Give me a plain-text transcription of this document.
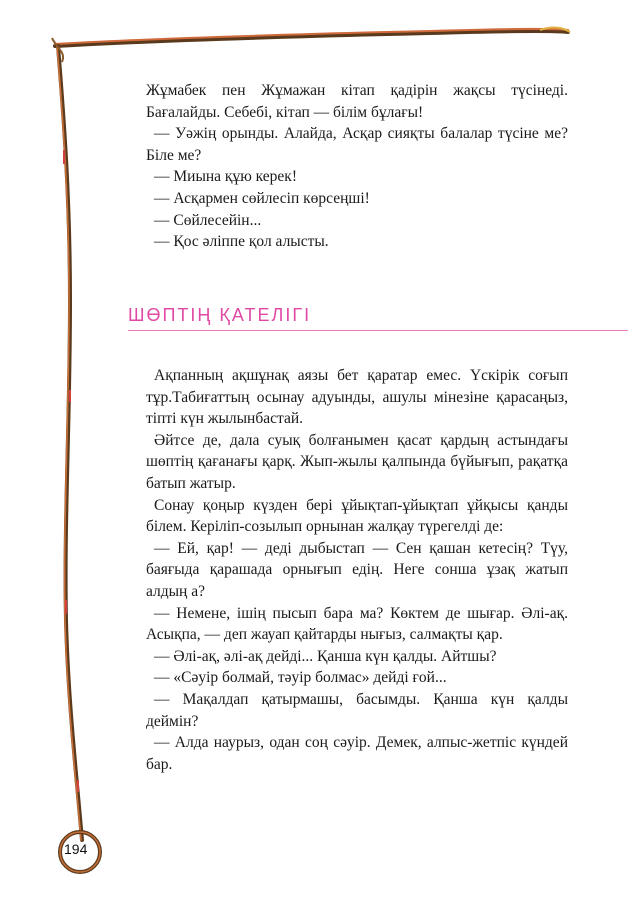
Жұмабек пен Жұмажан кітап қадірін жақсы түсінеді. Бағалайды. Себебі, кітап — білім бұлағы!

— Уәжің орынды. Алайда, Асқар сияқты балалар түсіне ме? Біле ме?

— Миына құю керек!

— Асқармен сөйлесіп көрсеңші!

— Сөйлесейін...

— Қос әліппе қол алысты.

ШӨПТІҢ ҚАТЕЛІГІ

Ақпанның ақшұнақ аязы бет қаратар емес. Үскірік соғып тұр.Табиғаттың осынау адуынды, ашулы мінезіне қарасаңыз, тіпті күн жылынбастай.

Әйтсе де, дала суық болғанымен қасат қардың астындағы шөптің қағанағы қарқ. Жып-жылы қалпында бүйығып, рақатқа батып жатыр.

Сонау қоңыр күзден бері ұйықтап-ұйықтап ұйқысы қанды білем. Керіліп-созылып орнынан жалқау түрегелді де:

— Ей, қар! — деді дыбыстап — Сен қашан кетесің? Түу, баяғыда қарашада орнығып едің. Неге сонша ұзақ жатып алдың а?

— Немене, ішің пысып бара ма? Көктем де шығар. Әлі-ақ. Асықпа, — деп жауап қайтарды нығыз, салмақты қар.

— Әлі-ақ, әлі-ақ дейді... Қанша күн қалды. Айтшы?

— «Сәуір болмай, тәуір болмас» дейді ғой...

— Мақалдап қатырмашы, басымды. Қанша күн қалды деймін?

— Алда наурыз, одан соң сәуір. Демек, алпыс-жетпіс күндей бар.

194
